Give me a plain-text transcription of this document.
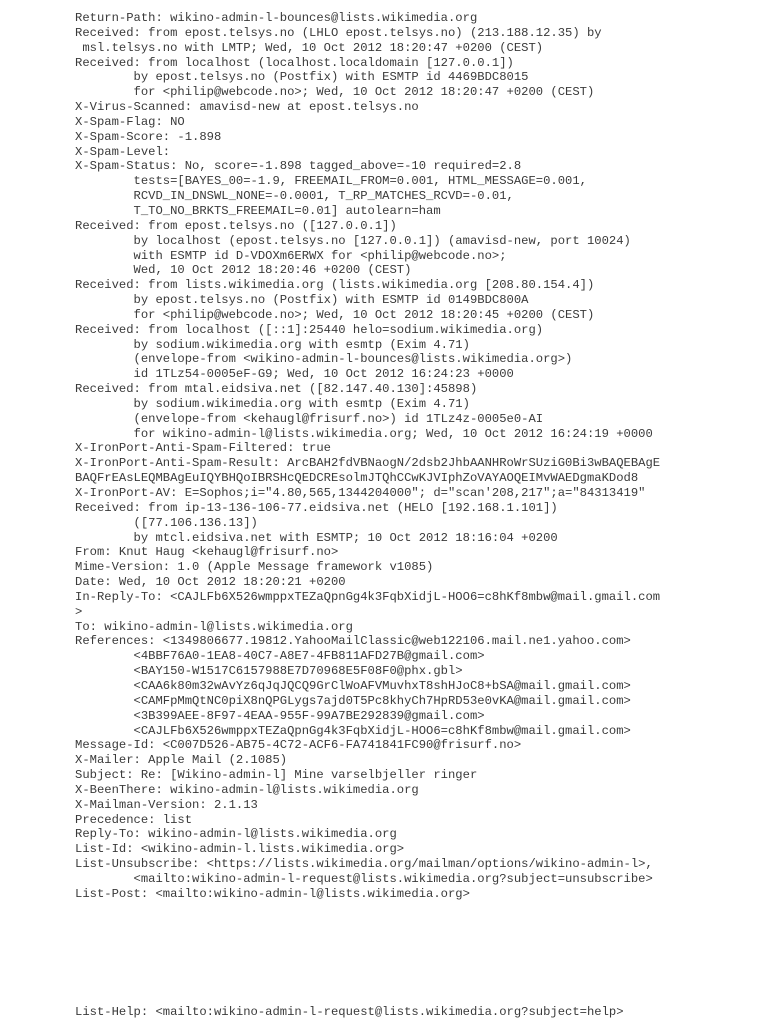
Return-Path: wikino-admin-l-bounces@lists.wikimedia.org
Received: from epost.telsys.no (LHLO epost.telsys.no) (213.188.12.35) by
msl.telsys.no with LMTP; Wed, 10 Oct 2012 18:20:47 +0200 (CEST)
Received: from localhost (localhost.localdomain [127.0.0.1])
by epost.telsys.no (Postfix) with ESMTP id 4469BDC8015
for <philip@webcode.no>; Wed, 10 Oct 2012 18:20:47 +0200 (CEST)
X-Virus-Scanned: amavisd-new at epost.telsys.no
X-Spam-Flag: NO
X-Spam-Score: -1.898
X-Spam-Level:
X-Spam-Status: No, score=-1.898 tagged_above=-10 required=2.8
tests=[BAYES_00=-1.9, FREEMAIL_FROM=0.001, HTML_MESSAGE=0.001,
RCVD_IN_DNSWL_NONE=-0.0001, T_RP_MATCHES_RCVD=-0.01,
T_TO_NO_BRKTS_FREEMAIL=0.01] autolearn=ham
Received: from epost.telsys.no ([127.0.0.1])
by localhost (epost.telsys.no [127.0.0.1]) (amavisd-new, port 10024)
with ESMTP id D-VDOXm6ERWX for <philip@webcode.no>;
Wed, 10 Oct 2012 18:20:46 +0200 (CEST)
Received: from lists.wikimedia.org (lists.wikimedia.org [208.80.154.4])
by epost.telsys.no (Postfix) with ESMTP id 0149BDC800A
for <philip@webcode.no>; Wed, 10 Oct 2012 18:20:45 +0200 (CEST)
Received: from localhost ([::1]:25440 helo=sodium.wikimedia.org)
by sodium.wikimedia.org with esmtp (Exim 4.71)
(envelope-from <wikino-admin-l-bounces@lists.wikimedia.org>)
id 1TLz54-0005eF-G9; Wed, 10 Oct 2012 16:24:23 +0000
Received: from mtal.eidsiva.net ([82.147.40.130]:45898)
by sodium.wikimedia.org with esmtp (Exim 4.71)
(envelope-from <kehaugl@frisurf.no>) id 1TLz4z-0005e0-AI
for wikino-admin-l@lists.wikimedia.org; Wed, 10 Oct 2012 16:24:19 +0000
X-IronPort-Anti-Spam-Filtered: true
X-IronPort-Anti-Spam-Result: ArcBAH2fdVBNaogN/2dsb2JhbAANHRoWrSUziG0Bi3wBAQEBAgE
BAQFrEAsLEQMBAgEuIQYBHQoIBRSHcQEDCREsolmJTQhCCwKJVIphZoVAYAOQEIMvWAEDgmaKDod8
X-IronPort-AV: E=Sophos;i="4.80,565,1344204000"; d="scan'208,217";a="84313419"
Received: from ip-13-136-106-77.eidsiva.net (HELO [192.168.1.101])
([77.106.136.13])
by mtcl.eidsiva.net with ESMTP; 10 Oct 2012 18:16:04 +0200
From: Knut Haug <kehaugl@frisurf.no>
Mime-Version: 1.0 (Apple Message framework v1085)
Date: Wed, 10 Oct 2012 18:20:21 +0200
In-Reply-To: <CAJLFb6X526wmppxTEZaQpnGg4k3FqbXidjL-HOO6=c8hKf8mbw@mail.gmail.com
>
To: wikino-admin-l@lists.wikimedia.org
References: <1349806677.19812.YahooMailClassic@web122106.mail.ne1.yahoo.com>
<4BBF76A0-1EA8-40C7-A8E7-4FB811AFD27B@gmail.com>
<BAY150-W1517C6157988E7D70968E5F08F0@phx.gbl>
<CAA6k80m32wAvYz6qJqJQCQ9GrClWoAFVMuvhxT8shHJoC8+bSA@mail.gmail.com>
<CAMFpMmQtNC0piX8nQPGLygs7ajd0T5Pc8khyCh7HpRD53e0vKA@mail.gmail.com>
<3B399AEE-8F97-4EAA-955F-99A7BE292839@gmail.com>
<CAJLFb6X526wmppxTEZaQpnGg4k3FqbXidjL-HOO6=c8hKf8mbw@mail.gmail.com>
Message-Id: <C007D526-AB75-4C72-ACF6-FA741841FC90@frisurf.no>
X-Mailer: Apple Mail (2.1085)
Subject: Re: [Wikino-admin-l] Mine varselbjeller ringer
X-BeenThere: wikino-admin-l@lists.wikimedia.org
X-Mailman-Version: 2.1.13
Precedence: list
Reply-To: wikino-admin-l@lists.wikimedia.org
List-Id: <wikino-admin-l.lists.wikimedia.org>
List-Unsubscribe: <https://lists.wikimedia.org/mailman/options/wikino-admin-l>,
<mailto:wikino-admin-l-request@lists.wikimedia.org?subject=unsubscribe>
List-Post: <mailto:wikino-admin-l@lists.wikimedia.org>
List-Help: <mailto:wikino-admin-l-request@lists.wikimedia.org?subject=help>
